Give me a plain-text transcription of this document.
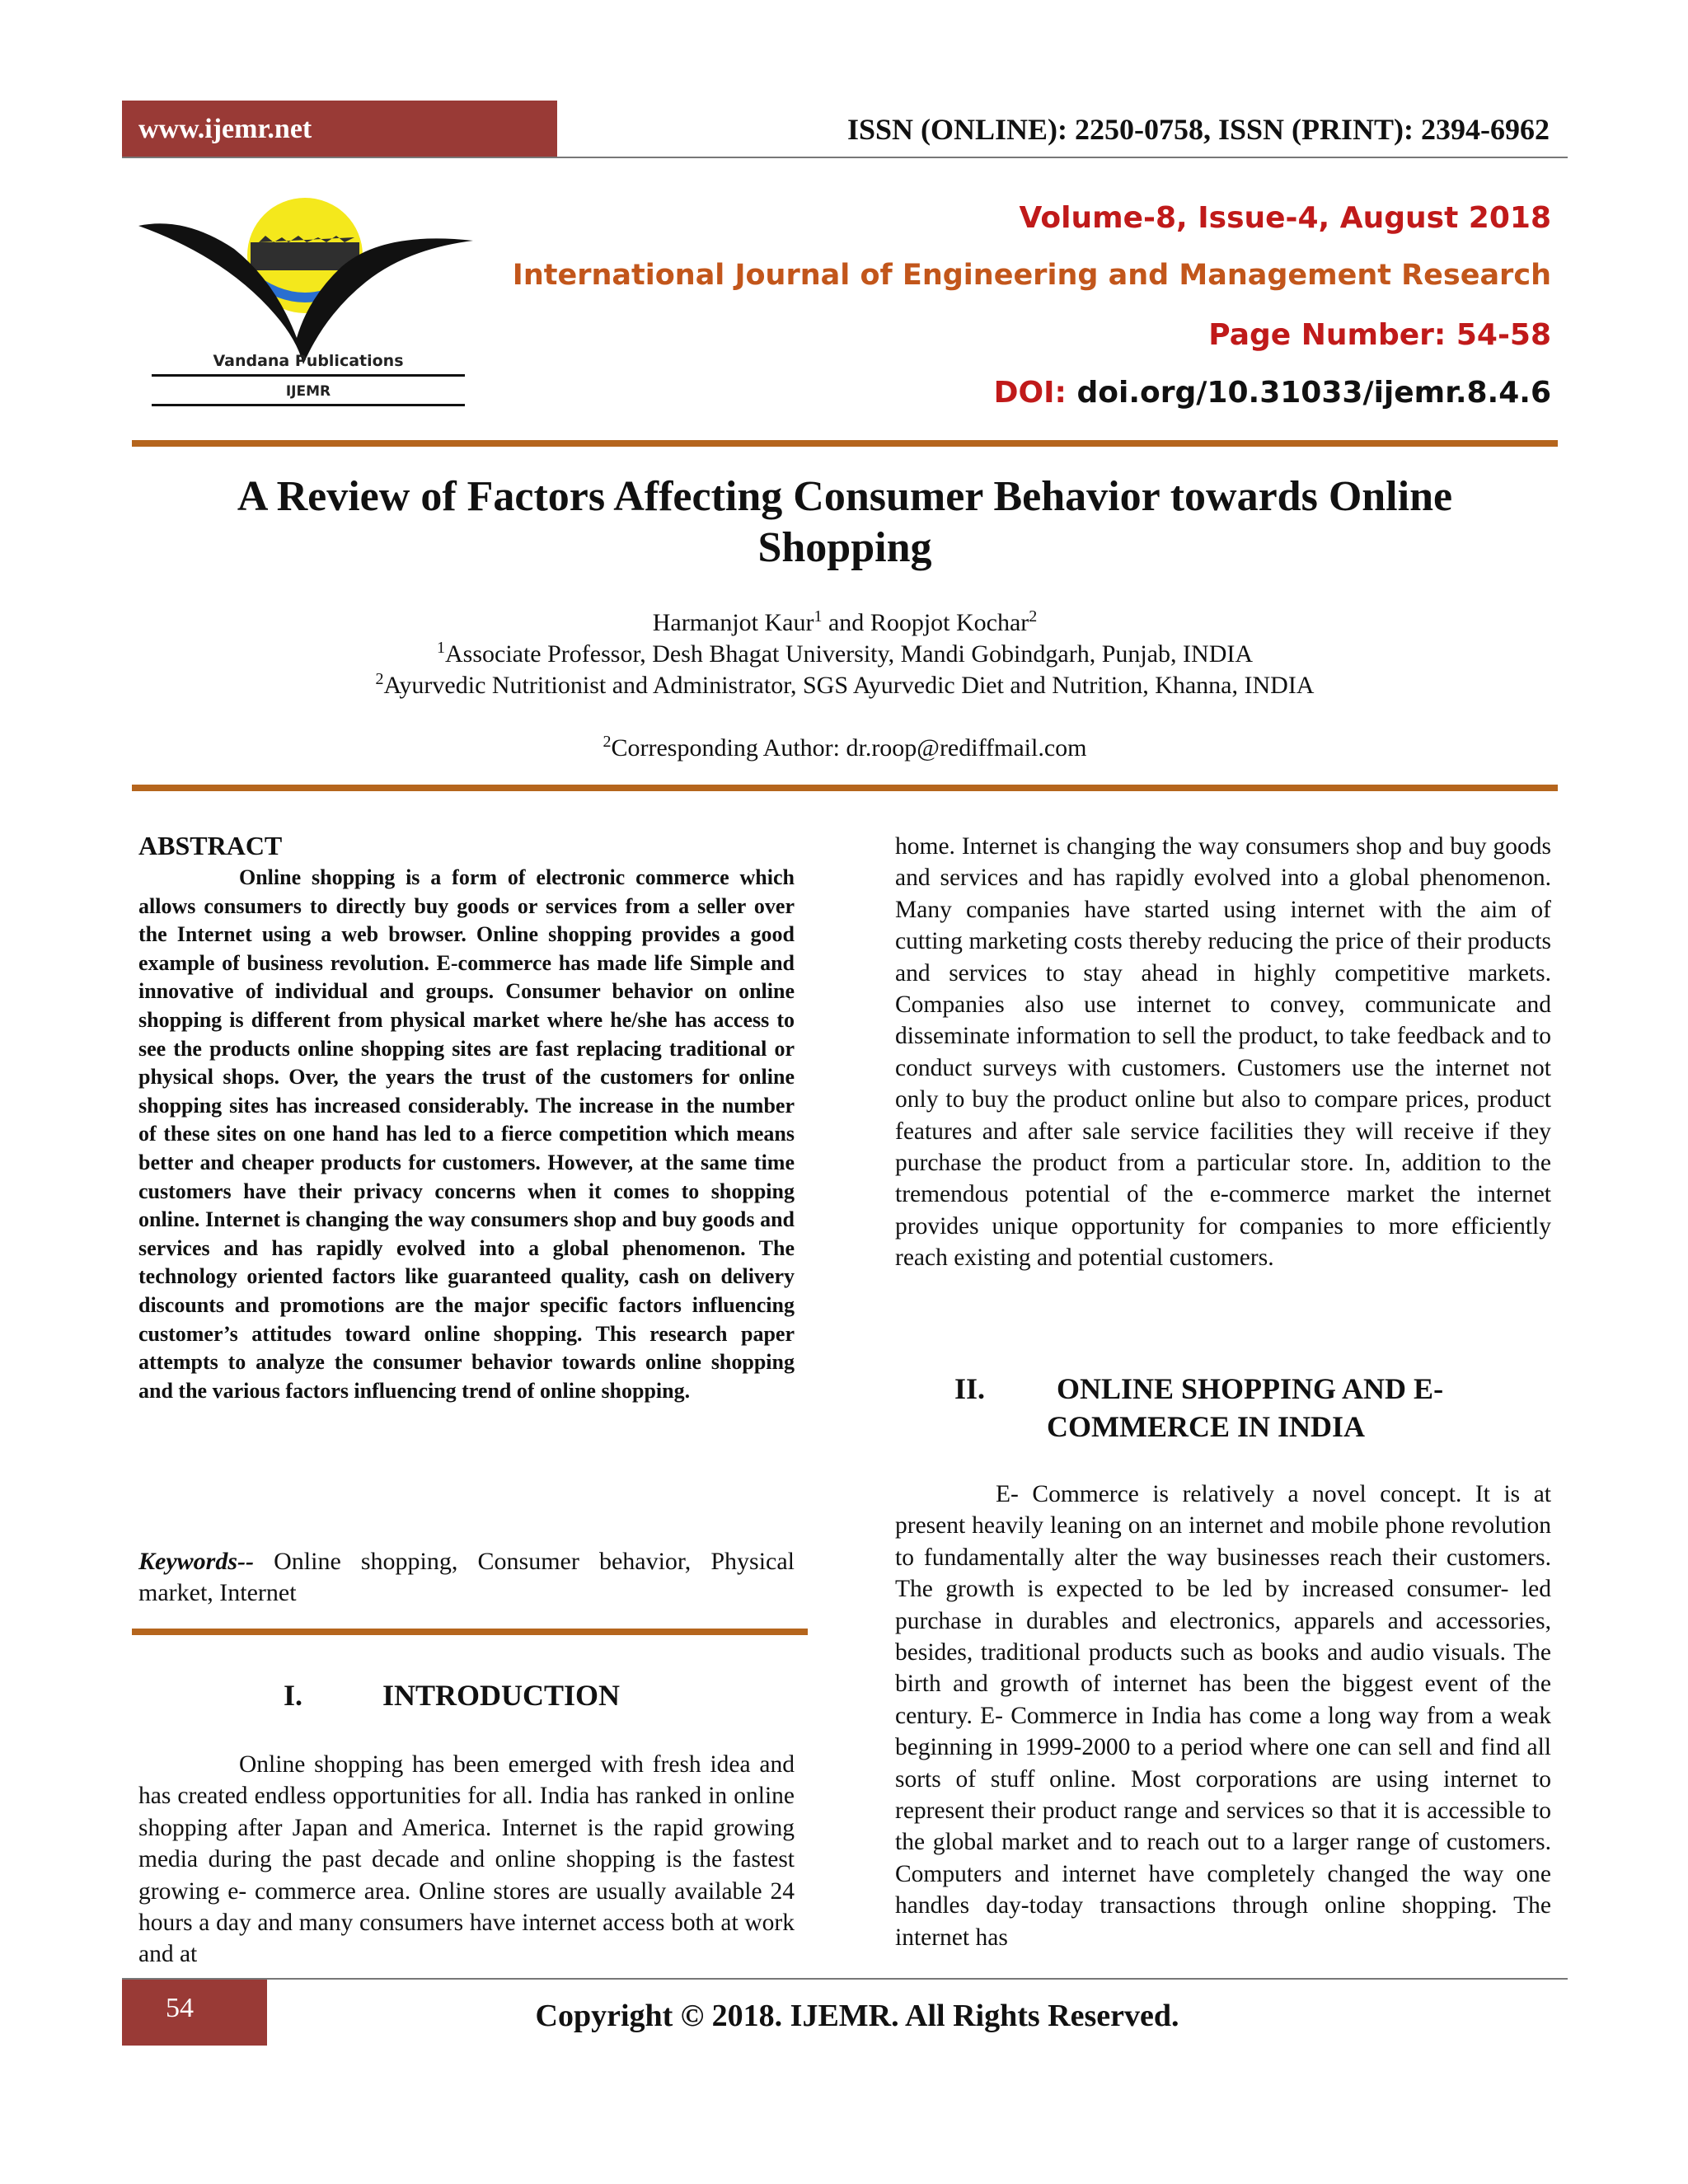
www.ijemr.net	ISSN (ONLINE): 2250-0758, ISSN (PRINT): 2394-6962
Vandana Publications
IJEMR
Volume-8, Issue-4, August 2018
International Journal of Engineering and Management Research
Page Number: 54-58
DOI: doi.org/10.31033/ijemr.8.4.6
A Review of Factors Affecting Consumer Behavior towards Online Shopping
Harmanjot Kaur$^1$ and Roopjot Kochar$^2$
$^1$Associate Professor, Desh Bhagat University, Mandi Gobindgarh, Punjab, INDIA
$^2$Ayurvedic Nutritionist and Administrator, SGS Ayurvedic Diet and Nutrition, Khanna, INDIA
$^2$Corresponding Author: dr.roop@rediffmail.com
ABSTRACT
Online shopping is a form of electronic commerce which allows consumers to directly buy goods or services from a seller over the Internet using a web browser. Online shopping provides a good example of business revolution. E-commerce has made life Simple and innovative of individual and groups. Consumer behavior on online shopping is different from physical market where he/she has access to see the products online shopping sites are fast replacing traditional or physical shops. Over, the years the trust of the customers for online shopping sites has increased considerably. The increase in the number of these sites on one hand has led to a fierce competition which means better and cheaper products for customers. However, at the same time customers have their privacy concerns when it comes to shopping online. Internet is changing the way consumers shop and buy goods and services and has rapidly evolved into a global phenomenon. The technology oriented factors like guaranteed quality, cash on delivery discounts and promotions are the major specific factors influencing customer’s attitudes toward online shopping. This research paper attempts to analyze the consumer behavior towards online shopping and the various factors influencing trend of online shopping.
Keywords-- Online shopping, Consumer behavior, Physical market, Internet
I.	INTRODUCTION
Online shopping has been emerged with fresh idea and has created endless opportunities for all. India has ranked in online shopping after Japan and America. Internet is the rapid growing media during the past decade and online shopping is the fastest growing e- commerce area. Online stores are usually available 24 hours a day and many consumers have internet access both at work and at
home. Internet is changing the way consumers shop and buy goods and services and has rapidly evolved into a global phenomenon. Many companies have started using internet with the aim of cutting marketing costs thereby reducing the price of their products and services to stay ahead in highly competitive markets. Companies also use internet to convey, communicate and disseminate information to sell the product, to take feedback and to conduct surveys with customers. Customers use the internet not only to buy the product online but also to compare prices, product features and after sale service facilities they will receive if they purchase the product from a particular store. In, addition to the tremendous potential of the e-commerce market the internet provides unique opportunity for companies to more efficiently reach existing and potential customers.
II. ONLINE SHOPPING AND E-
COMMERCE IN INDIA
E- Commerce is relatively a novel concept. It is at present heavily leaning on an internet and mobile phone revolution to fundamentally alter the way businesses reach their customers. The growth is expected to be led by increased consumer- led purchase in durables and electronics, apparels and accessories, besides, traditional products such as books and audio visuals. The birth and growth of internet has been the biggest event of the century. E- Commerce in India has come a long way from a weak beginning in 1999-2000 to a period where one can sell and find all sorts of stuff online. Most corporations are using internet to represent their product range and services so that it is accessible to the global market and to reach out to a larger range of customers. Computers and internet have completely changed the way one handles day-today transactions through online shopping. The internet has
54	Copyright © 2018. IJEMR. All Rights Reserved.
